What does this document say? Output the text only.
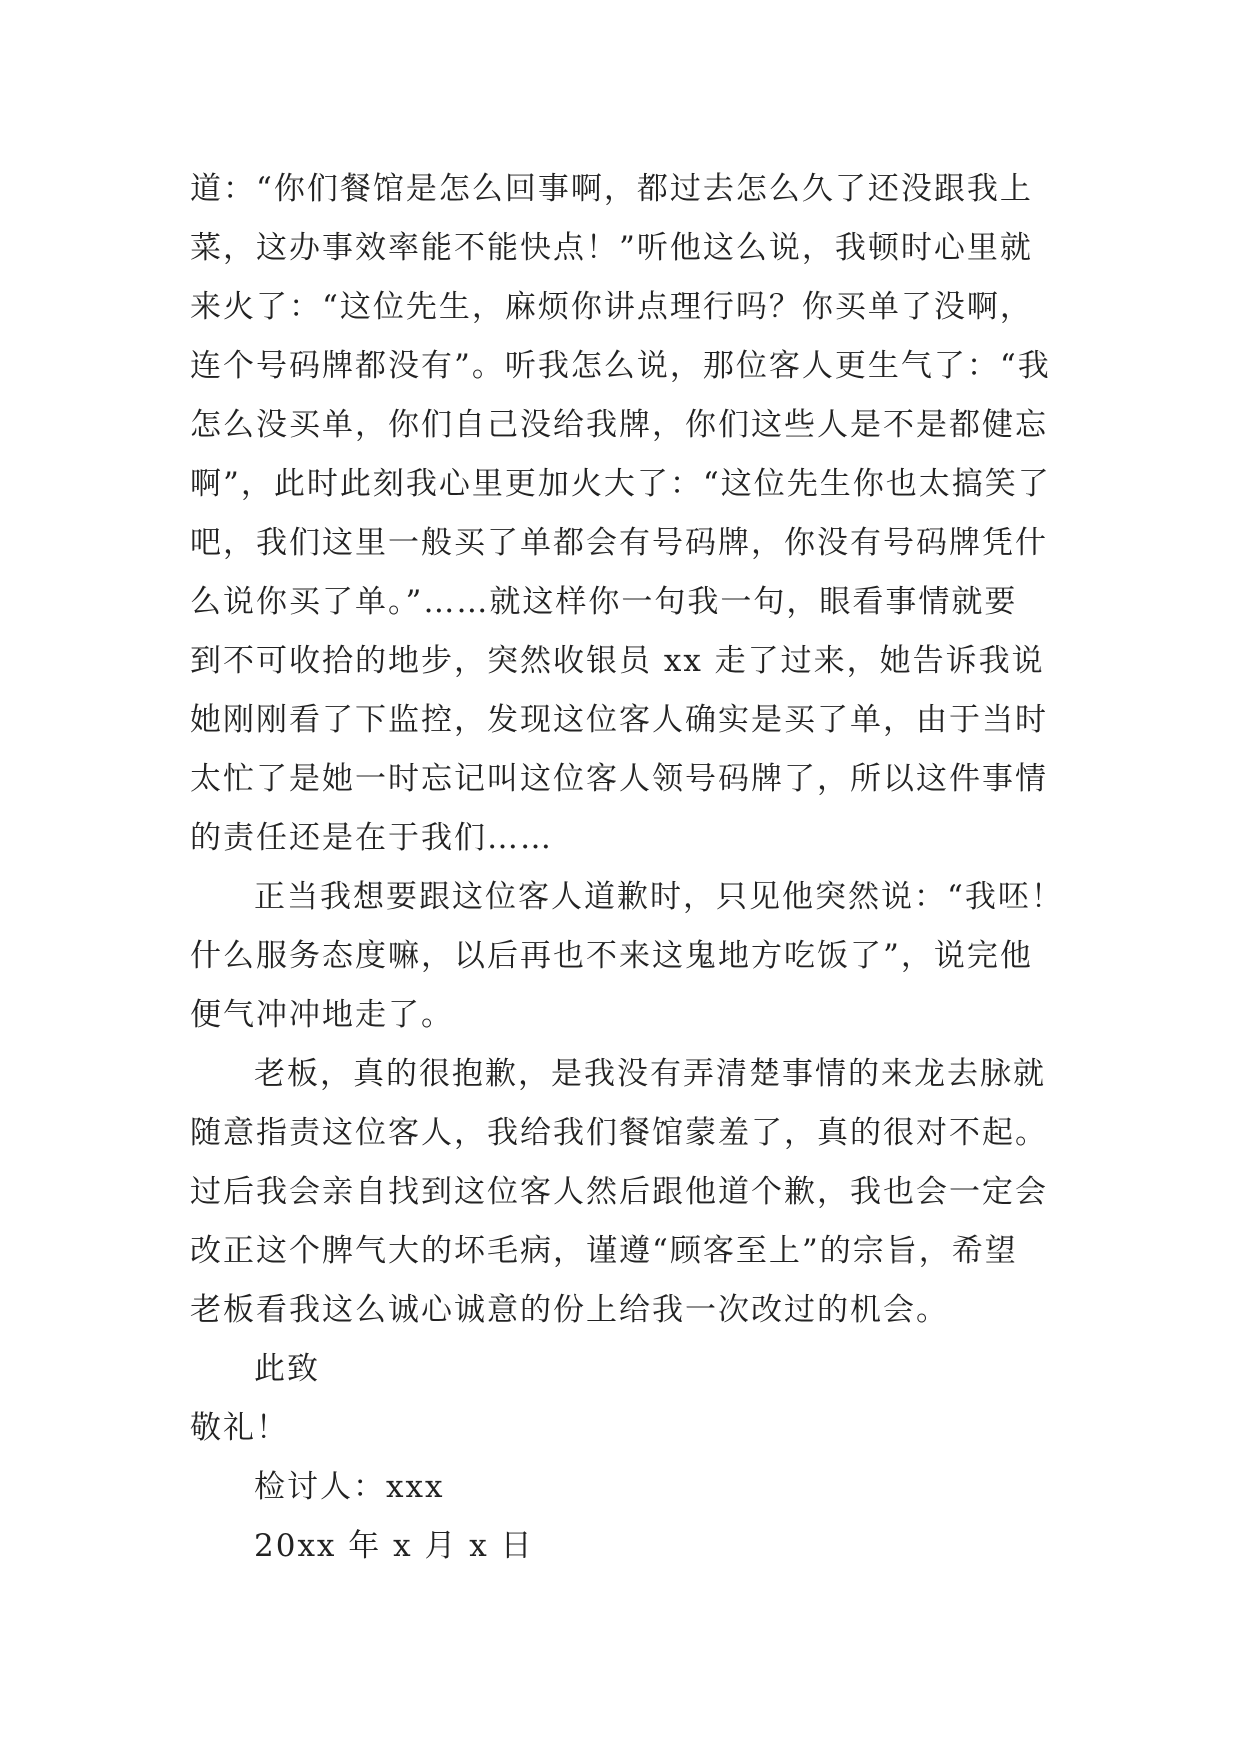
道：“你们餐馆是怎么回事啊，都过去怎么久了还没跟我上
菜，这办事效率能不能快点！”听他这么说，我顿时心里就
来火了：“这位先生，麻烦你讲点理行吗？你买单了没啊，
连个号码牌都没有”。听我怎么说，那位客人更生气了：“我
怎么没买单，你们自己没给我牌，你们这些人是不是都健忘
啊”，此时此刻我心里更加火大了：“这位先生你也太搞笑了
吧，我们这里一般买了单都会有号码牌，你没有号码牌凭什
么说你买了单。”……就这样你一句我一句，眼看事情就要
到不可收拾的地步，突然收银员 xx 走了过来，她告诉我说
她刚刚看了下监控，发现这位客人确实是买了单，由于当时
太忙了是她一时忘记叫这位客人领号码牌了，所以这件事情
的责任还是在于我们……
正当我想要跟这位客人道歉时，只见他突然说：“我呸！
什么服务态度嘛，以后再也不来这鬼地方吃饭了”，说完他
便气冲冲地走了。
老板，真的很抱歉，是我没有弄清楚事情的来龙去脉就
随意指责这位客人，我给我们餐馆蒙羞了，真的很对不起。
过后我会亲自找到这位客人然后跟他道个歉，我也会一定会
改正这个脾气大的坏毛病，谨遵“顾客至上”的宗旨，希望
老板看我这么诚心诚意的份上给我一次改过的机会。
此致
敬礼！
检讨人：xxx
20xx 年 x 月 x 日
